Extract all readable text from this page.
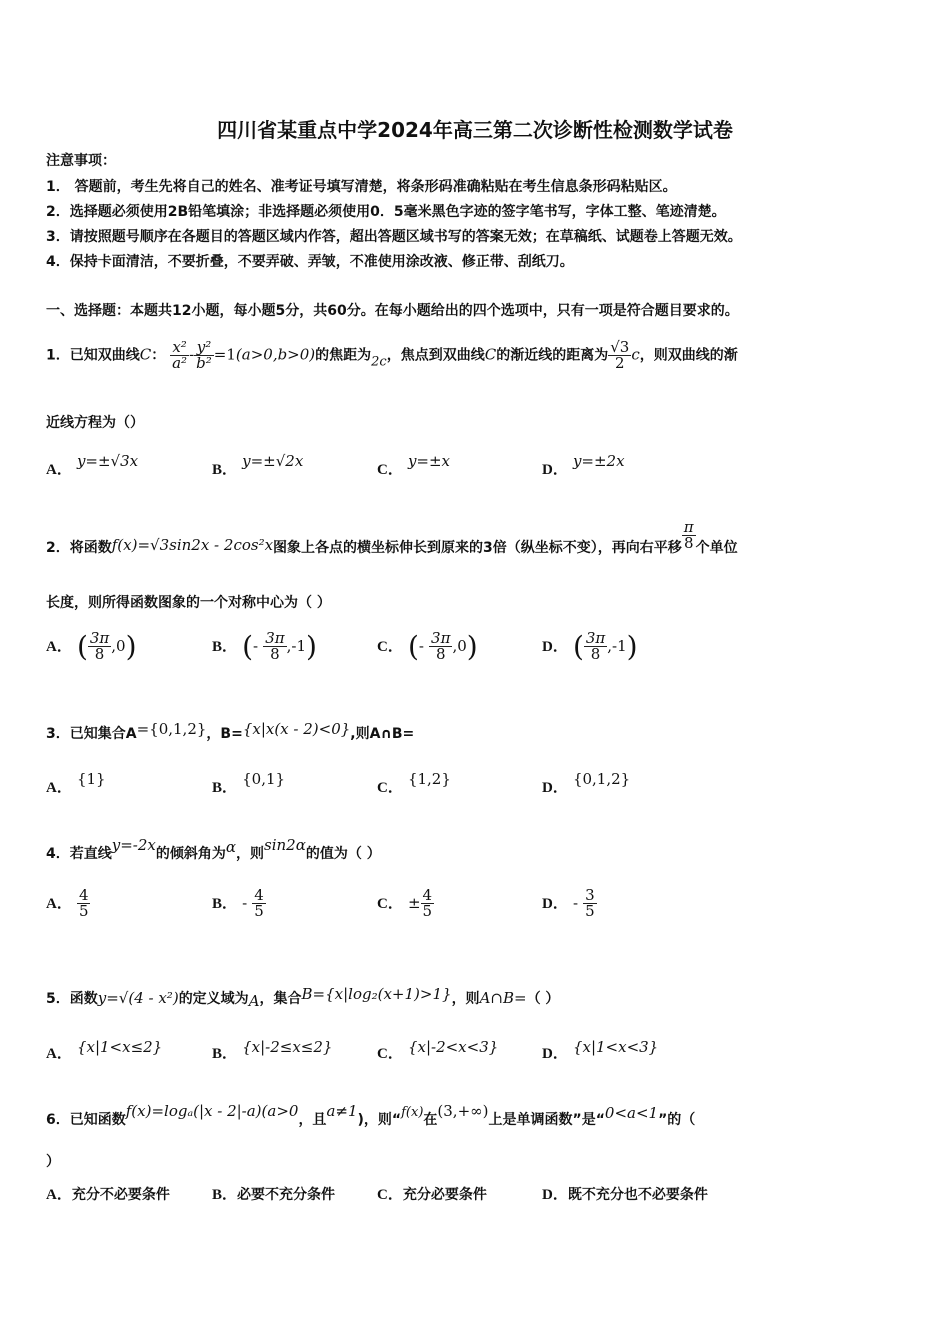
四川省某重点中学2024年高三第二次诊断性检测数学试卷
注意事项：
1． 答题前，考生先将自己的姓名、准考证号填写清楚，将条形码准确粘贴在考生信息条形码粘贴区。
2．选择题必须使用2B铅笔填涂；非选择题必须使用0．5毫米黑色字迹的签字笔书写，字体工整、笔迹清楚。
3．请按照题号顺序在各题目的答题区域内作答，超出答题区域书写的答案无效；在草稿纸、试题卷上答题无效。
4．保持卡面清洁，不要折叠，不要弄破、弄皱，不准使用涂改液、修正带、刮纸刀。
一、选择题：本题共12小题，每小题5分，共60分。在每小题给出的四个选项中，只有一项是符合题目要求的。
1．已知双曲线C： $\frac{\text{x²}}{\text{a²}} - \frac{\text{y²}}{\text{b²}} =1(a>0,b>0)$的焦距为2c，焦点到双曲线C的渐近线的距离为 $\frac{√3}{2}$ c，则双曲线的渐
近线方程为（）
A． y=±√3x	B． y=±√2x	C． y=±x	D． y=±2x
2．将函数f(x)=√3sin2x - 2cos²x图象上各点的横坐标伸长到原来的3倍（纵坐标不变），再向右平移 $\frac{\pi}{8}$ 个单位
长度，则所得函数图象的一个对称中心为（ ）
A． ( $\frac{3\pi}{8} ,0$)	B． (- $\frac{3\pi}{8} ,-1$)	C． (- $\frac{3\pi}{8} ,0$)	D． ( $\frac{3\pi}{8} ,-1$)
3．已知集合A={0,1,2}，B={x|x(x - 2)<0},则A∩B=
A． {1}	B． {0,1}	C． {1,2}	D． {0,1,2}
4．若直线y=-2x的倾斜角为α，则sin2α的值为（ ）
A． $\frac{4}{5}$	B． - $\frac{4}{5}$	C． ± $\frac{4}{5}$	D． - $\frac{3}{5}$
5．函数y=√(4 - x²)的定义域为A，集合B={x|log₂(x+1)>1}，则A∩B=（ ）
A． {x|1<x≤2}	B． {x|-2≤x≤2}	C． {x|-2<x<3}	D． {x|1<x<3}
6．已知函数f(x)=logₐ(|x - 2|-a)(a>0，且a≠1)，则“f(x)在(3,+∞)上是单调函数”是“0<a<1”的（
）
A．充分不必要条件	B．必要不充分条件	C．充分必要条件	D．既不充分也不必要条件
